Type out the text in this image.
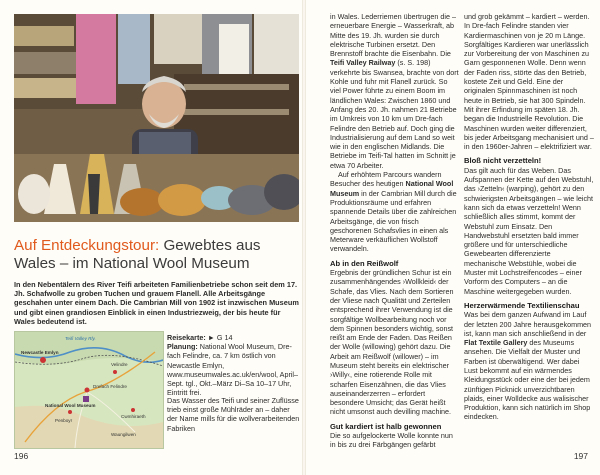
Auf Entdeckungstour: Gewebtes aus Wales – im National Wool Museum
In den Nebentälern des River Teifi arbeiteten Familienbetriebe schon seit dem 17. Jh. Schafwolle zu groben Tuchen und grauem Flanell. Alle Arbeitsgänge geschahen unter einem Dach. Die Cambrian Mill von 1902 ist inzwischen Museum und gibt einen grandiosen Einblick in einen Industriezweig, der bis heute für Wales bedeutend ist.
Teifi Valley Rly.
Newcastle Emlyn
Drefach Felindre
National Wool Museum
Velindre
Penboyr
Cwmhiraeth
Waungilwen
Reisekarte: ► G 14
Planung: National Wool Museum, Dre-fach Felindre, ca. 7 km östlich von Newcastle Emlyn, www.museumwales.ac.uk/en/wool, April–Sept. tgl., Okt.–März Di–Sa 10–17 Uhr, Eintritt frei.
Das Wasser des Teifi und seiner Zuflüsse trieb einst große Mühlräder an – daher der Name mills für die wollverarbeitenden Fabriken
196

in Wales. Lederriemen übertrugen die – erneuerbare Energie – Wasserkraft, ab Mitte des 19. Jh. wurden sie durch elektrische Turbinen ersetzt. Den Brennstoff brachte die Eisenbahn. Die Teifi Valley Railway (s. S. 198) verkehrte bis Swansea, brachte von dort Kohle und fuhr mit Flanell zurück. So viel Power führte zu einem Boom im ländlichen Wales: Zwischen 1860 und Anfang des 20. Jh. nahmen 21 Betriebe im Umkreis von 10 km um Dre-fach Felindre den Betrieb auf. Doch ging die Industrialisierung auf dem Land so weit wie in den englischen Midlands. Die Betriebe im Teifi-Tal hatten im Schnitt je etwa 70 Arbeiter.

Auf erhöhtem Parcours wandern Besucher des heutigen National Wool Museum in der Cambrian Mill durch die Produktionsräume und erfahren spannende Details über die zahlreichen Arbeitsgänge, die von frisch geschorenen Schafsvlies in einen als Meterware verkäuflichen Wollstoff verwandeln.

Ab in den Reißwolf

Ergebnis der gründlichen Schur ist ein zusammenhängendes ›Wollkleid‹ der Schafe, das Vlies. Nach dem Sortieren der Vliese nach Qualität und Zerteilen entsprechend ihrer Verwendung ist die sorgfältige Wollbearbeitung noch vor dem Spinnen besonders wichtig, sonst reißt am Ende der Faden. Das Reißen der Wolle (willowing) gehört dazu. Die Arbeit am Reißwolf (willower) – im Museum steht bereits ein elektrischer ›Willy‹, eine rotierende Rolle mit scharfen Eisenzähnen, die das Vlies auseinanderzerren – erfordert besondere Umsicht; das Gerät heißt nicht umsonst auch devilling machine.

Gut kardiert ist halb gewonnen

Die so aufgelockerte Wolle konnte nun in bis zu drei Färbgängen gefärbt

und grob gekämmt – kardiert – werden. In Dre-fach Felindre standen vier Kardiermaschinen von je 20 m Länge. Sorgfältiges Kardieren war unerlässlich zur Vorbereitung der von Maschinen zu Garn gesponnenen Wolle. Denn wenn der Faden riss, störte das den Betrieb, kostete Zeit und Geld. Eine der originalen Spinnmaschinen ist noch heute in Betrieb, sie hat 300 Spindeln. Mit ihrer Erfindung im späten 18. Jh. began die Industrielle Revolution. Die Maschinen wurden weiter differenziert, bis jeder Arbeitsgang mechanisiert und – in den 1960er-Jahren – elektrifiziert war.

Bloß nicht verzetteln!

Das gilt auch für das Weben. Das Aufspannen der Kette auf den Webstuhl, das ›Zetteln‹ (warping), gehört zu den schwierigsten Arbeitsgängen – wie leicht kann sich da etwas verzetteln! Wenn schließlich alles stimmt, kommt der Webstuhl zum Einsatz. Den Handwebstuhl ersetzten bald immer größere und für unterschiedliche Gewebearten differenzierte mechanische Webstühle, wobei die Muster mit Lochstreifencodes – einer Vorform des Computers – an die Maschine weitergegeben wurden.

Herzerwärmende Textilienschau

Was bei dem ganzen Aufwand im Lauf der letzten 200 Jahre herausgekommen ist, kann man sich anschließend in der Flat Textile Gallery des Museums ansehen. Die Vielfalt der Muster und Farben ist überwältigend. Wer dabei Lust bekommt auf ein wärmendes Kleidungsstück oder eine der bei jedem zünftigen Picknick unverzichtbaren plaids, einer Wolldecke aus walisischer Produktion, kann sich natürlich im Shop eindecken.

197
